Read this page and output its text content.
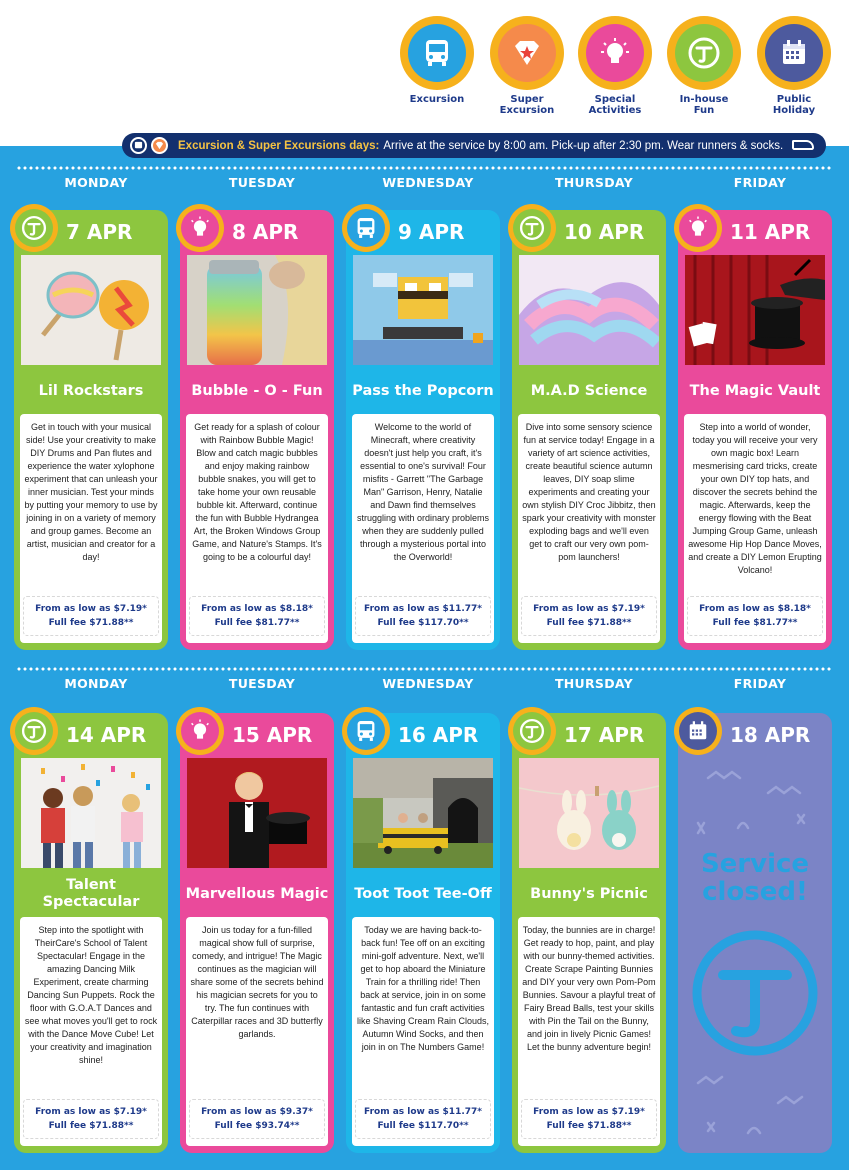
Excursion	Super Excursion
Special Activities
In-house Fun
Public Holiday
Excursion & Super Excursions days: Arrive at the service by 8:00 am. Pick-up after 2:30 pm. Wear runners & socks.
MONDAY	TUESDAY	WEDNESDAY	THURSDAY	FRIDAY
MONDAY	TUESDAY	WEDNESDAY	THURSDAY	FRIDAY
7 APR
Lil Rockstars
Get in touch with your musical side! Use your creativity to make DIY Drums and Pan flutes and experience the water xylophone experiment that can unleash your inner musician. Test your minds by putting your memory to use by joining in on a variety of memory and group games. Become an artist, musician and creator for a day!
From as low as $7.19*
Full fee $71.88**
8 APR
Bubble - O - Fun
Get ready for a splash of colour with Rainbow Bubble Magic! Blow and catch magic bubbles and enjoy making rainbow bubble snakes, you will get to take home your own reusable bubble kit. Afterward, continue the fun with Bubble Hydrangea Art, the Broken Windows Group Game, and Nature's Stamps. It's going to be a colourful day!
From as low as $8.18*
Full fee $81.77**
9 APR
Pass the Popcorn
Welcome to the world of Minecraft, where creativity doesn't just help you craft, it's essential to one's survival! Four misfits - Garrett "The Garbage Man" Garrison, Henry, Natalie and Dawn find themselves struggling with ordinary problems when they are suddenly pulled through a mysterious portal into the Overworld!
From as low as $11.77*
Full fee $117.70**
10 APR
M.A.D Science
Dive into some sensory science fun at service today! Engage in a variety of art science activities, create beautiful science autumn leaves, DIY soap slime experiments and creating your own stylish DIY Croc Jibbitz, then spark your creativity with monster exploding bags and we'll even get to craft our very own pom-pom launchers!
From as low as $7.19*
Full fee $71.88**
11 APR
The Magic Vault
Step into a world of wonder, today you will receive your very own magic box! Learn mesmerising card tricks, create your own DIY top hats, and discover the secrets behind the magic. Afterwards, keep the energy flowing with the Beat Jumping Group Game, unleash awesome Hip Hop Dance Moves, and create a DIY Lemon Erupting Volcano!
From as low as $8.18*
Full fee $81.77**
14 APR
Talent Spectacular
Step into the spotlight with TheirCare's School of Talent Spectacular! Engage in the amazing Dancing Milk Experiment, create charming Dancing Sun Puppets. Rock the floor with G.O.A.T Dances and see what moves you'll get to rock with the Dance Move Cube! Let your creativity and imagination shine!
From as low as $7.19*
Full fee $71.88**
15 APR
Marvellous Magic
Join us today for a fun-filled magical show full of surprise, comedy, and intrigue! The Magic continues as the magician will share some of the secrets behind his magician secrets for you to try. The fun continues with Caterpillar races and 3D butterfly garlands.
From as low as $9.37*
Full fee $93.74**
16 APR
Toot Toot Tee-Off
Today we are having back-to-back fun! Tee off on an exciting mini-golf adventure. Next, we'll get to hop aboard the Miniature Train for a thrilling ride! Then back at service, join in on some fantastic and fun craft activities like Shaving Cream Rain Clouds, Autumn Wind Socks, and then join in on The Numbers Game!
From as low as $11.77*
Full fee $117.70**
17 APR
Bunny's Picnic
Today, the bunnies are in charge! Get ready to hop, paint, and play with our bunny-themed activities. Create Scrape Painting Bunnies and DIY your very own Pom-Pom Bunnies. Savour a playful treat of Fairy Bread Balls, test your skills with Pin the Tail on the Bunny, and join in lively Picnic Games! Let the bunny adventure begin!
From as low as $7.19*
Full fee $71.88**
18 APR
Service closed!
